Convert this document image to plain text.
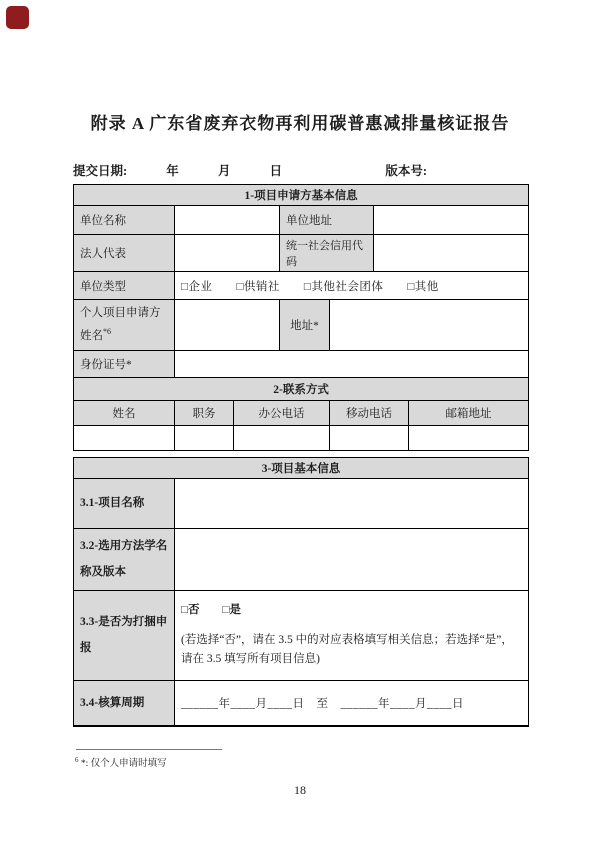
附录 A 广东省废弃衣物再利用碳普惠减排量核证报告
提交日期:	年	月	日	版本号:
1-项目申请方基本信息						
单位名称			单位地址			
法人代表			统一社会信用代码			
单位类型	□企业　　□供销社　　□其他社会团体　　□其他					
个人项目申请方姓名$^{*6}$			地址*			
身份证号*						
2-联系方式						
姓名	职务	办公电话		移动电话		邮箱地址

3-项目基本信息	
3.1-项目名称	
3.2-选用方法学名称及版本	
3.3-是否为打捆申报	□否　　□是
(若选择“否”，请在 3.5 中的对应表格填写相关信息；若选择“是”，请在 3.5 填写所有项目信息)

3.4-核算周期	______年____月____日　至　______年____月____日
$^6$ *: 仅个人申请时填写
18
